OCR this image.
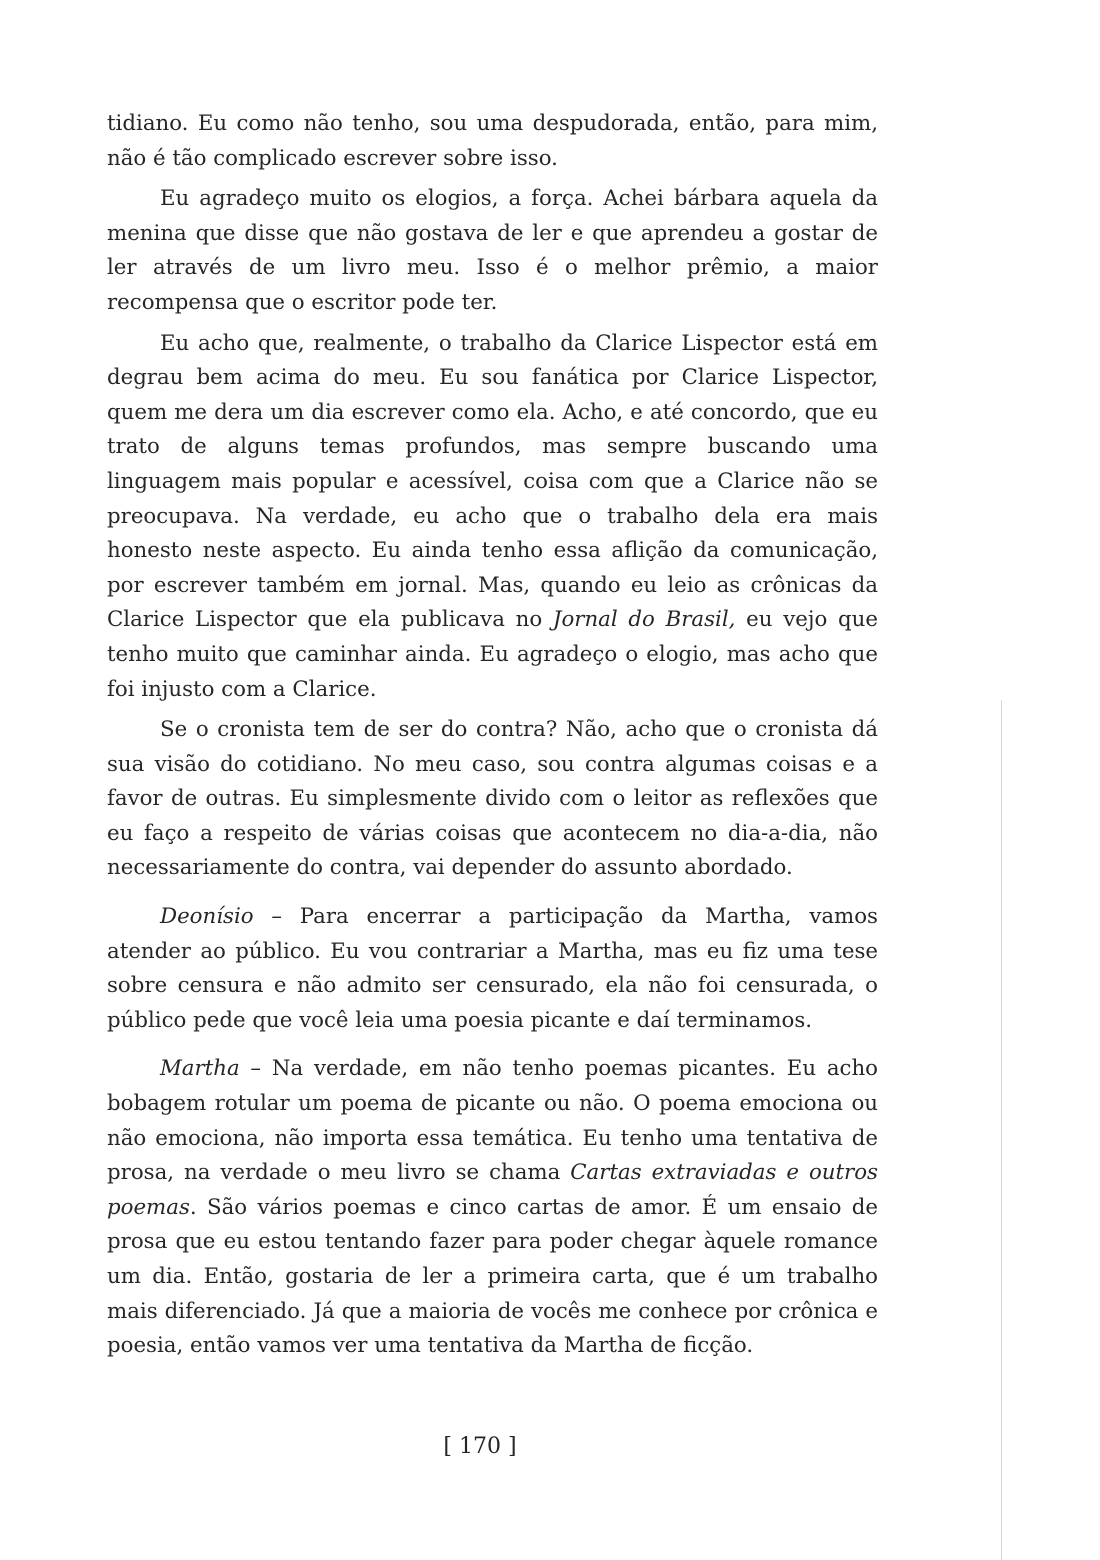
tidiano. Eu como não tenho, sou uma despudorada, então, para mim, não é tão complicado escrever sobre isso.

Eu agradeço muito os elogios, a força. Achei bárbara aquela da menina que disse que não gostava de ler e que aprendeu a gostar de ler através de um livro meu. Isso é o melhor prêmio, a maior recompensa que o escritor pode ter.

Eu acho que, realmente, o trabalho da Clarice Lispector está em degrau bem acima do meu. Eu sou fanática por Clarice Lispector, quem me dera um dia escrever como ela. Acho, e até concordo, que eu trato de alguns temas profundos, mas sempre buscando uma linguagem mais popular e acessível, coisa com que a Clarice não se preocupava. Na verdade, eu acho que o trabalho dela era mais honesto neste aspecto. Eu ainda tenho essa aflição da comunicação, por escrever também em jornal. Mas, quando eu leio as crônicas da Clarice Lispector que ela publicava no Jornal do Brasil, eu vejo que tenho muito que caminhar ainda. Eu agradeço o elogio, mas acho que foi injusto com a Clarice.

Se o cronista tem de ser do contra? Não, acho que o cronista dá sua visão do cotidiano. No meu caso, sou contra algumas coisas e a favor de outras. Eu simplesmente divido com o leitor as reflexões que eu faço a respeito de várias coisas que acontecem no dia-a-dia, não necessariamente do contra, vai depender do assunto abordado.

Deonísio – Para encerrar a participação da Martha, vamos atender ao público. Eu vou contrariar a Martha, mas eu fiz uma tese sobre censura e não admito ser censurado, ela não foi censurada, o público pede que você leia uma poesia picante e daí terminamos.

Martha – Na verdade, em não tenho poemas picantes. Eu acho bobagem rotular um poema de picante ou não. O poema emociona ou não emociona, não importa essa temática. Eu tenho uma tentativa de prosa, na verdade o meu livro se chama Cartas extraviadas e outros poemas. São vários poemas e cinco cartas de amor. É um ensaio de prosa que eu estou tentando fazer para poder chegar àquele romance um dia. Então, gostaria de ler a primeira carta, que é um trabalho mais diferenciado. Já que a maioria de vocês me conhece por crônica e poesia, então vamos ver uma tentativa da Martha de ficção.

[ 170 ]
